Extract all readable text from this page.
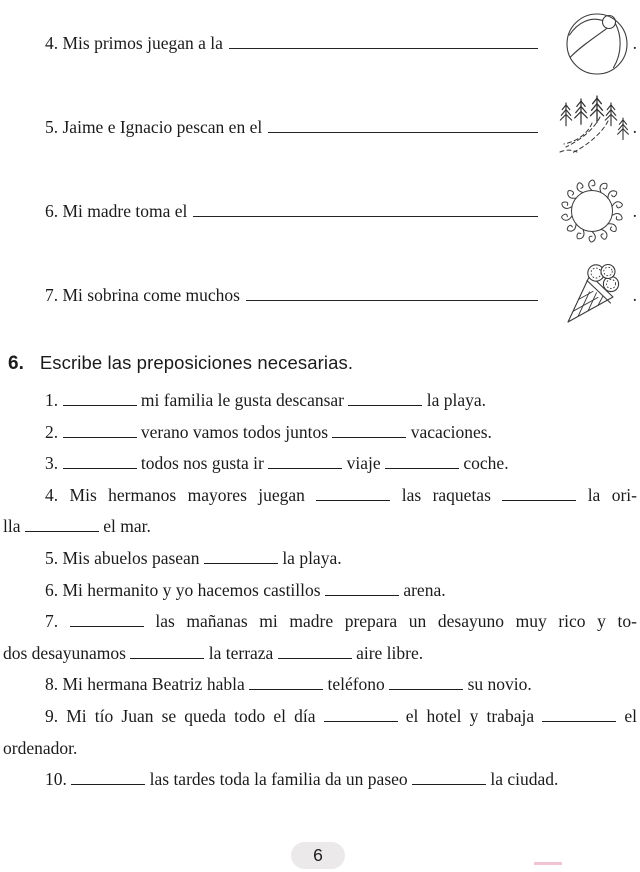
4. Mis primos juegan a la	.
5. Jaime e Ignacio pescan en el	.
6. Mi madre toma el	.
7. Mi sobrina come muchos	.
6. Escribe las preposiciones necesarias.
1.	mi familia le gusta descansar	la playa.
2.	verano vamos todos juntos	vacaciones.
3.	todos nos gusta ir	viaje	coche.
4. Mis hermanos mayores juegan	las raquetas	la ori-
lla	el mar.
5. Mis abuelos pasean	la playa.
6. Mi hermanito y yo hacemos castillos	arena.
7.	las mañanas mi madre prepara un desayuno muy rico y to-
dos desayunamos	la terraza	aire libre.
8. Mi hermana Beatriz habla	teléfono	su novio.
9. Mi tío Juan se queda todo el día	el hotel y trabaja	el
ordenador.
10.	las tardes toda la familia da un paseo	la ciudad.
6
